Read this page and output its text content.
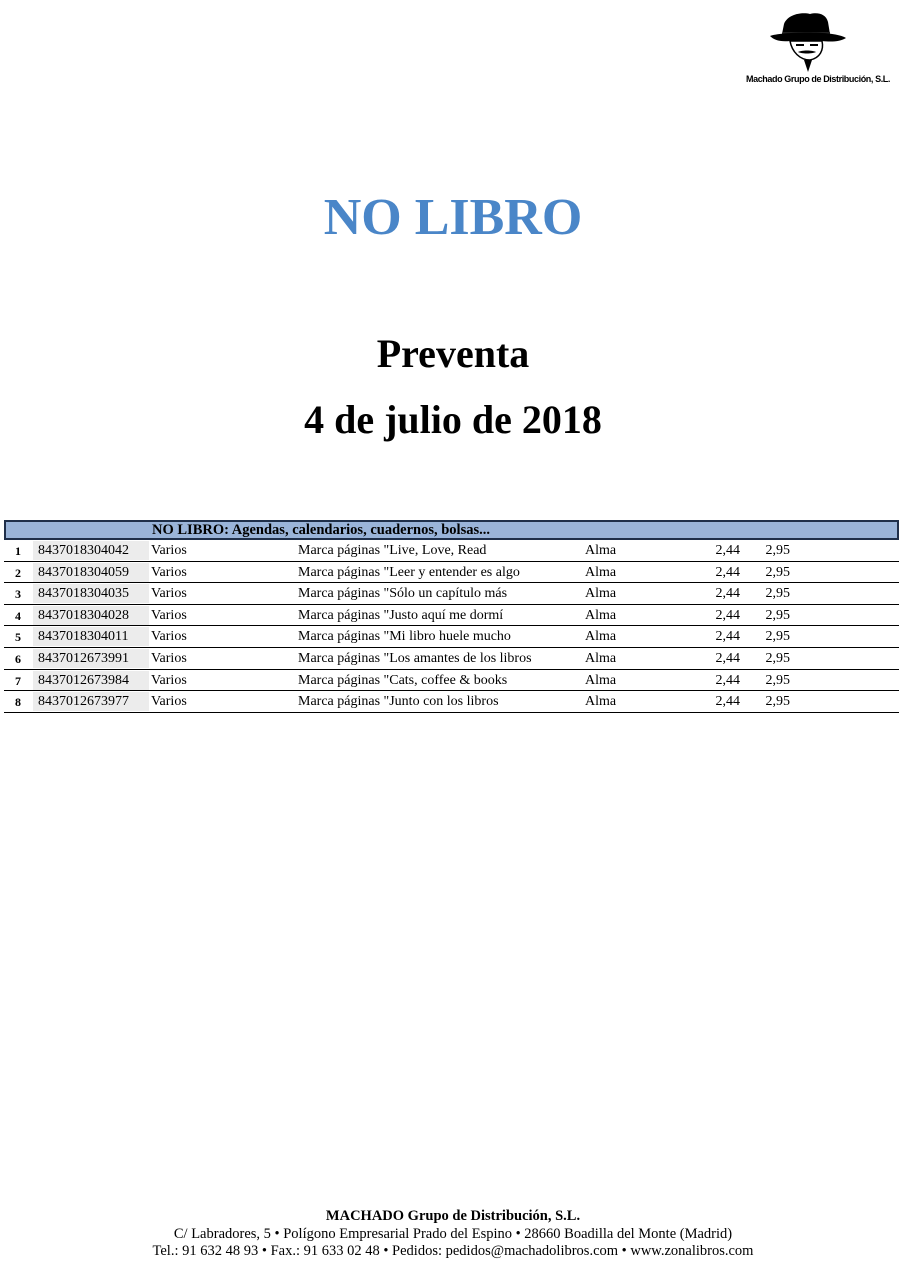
Machado Grupo de Distribución, S.L.
NO LIBRO
Preventa
4 de julio de 2018
NO LIBRO: Agendas, calendarios, cuadernos, bolsas...
1	8437018304042	Varios	Marca páginas "Live, Love, Read	Alma	2,44	2,95
2	8437018304059	Varios	Marca páginas "Leer y entender es algo	Alma	2,44	2,95
3	8437018304035	Varios	Marca páginas "Sólo un capítulo más	Alma	2,44	2,95
4	8437018304028	Varios	Marca páginas "Justo aquí me dormí	Alma	2,44	2,95
5	8437018304011	Varios	Marca páginas "Mi libro huele mucho	Alma	2,44	2,95
6	8437012673991	Varios	Marca páginas "Los amantes de los libros	Alma	2,44	2,95
7	8437012673984	Varios	Marca páginas "Cats, coffee & books	Alma	2,44	2,95
8	8437012673977	Varios	Marca páginas "Junto con los libros	Alma	2,44	2,95
MACHADO Grupo de Distribución, S.L.
C/ Labradores, 5 • Polígono Empresarial Prado del Espino • 28660 Boadilla del Monte (Madrid)
Tel.: 91 632 48 93 • Fax.: 91 633 02 48 • Pedidos: pedidos@machadolibros.com • www.zonalibros.com
